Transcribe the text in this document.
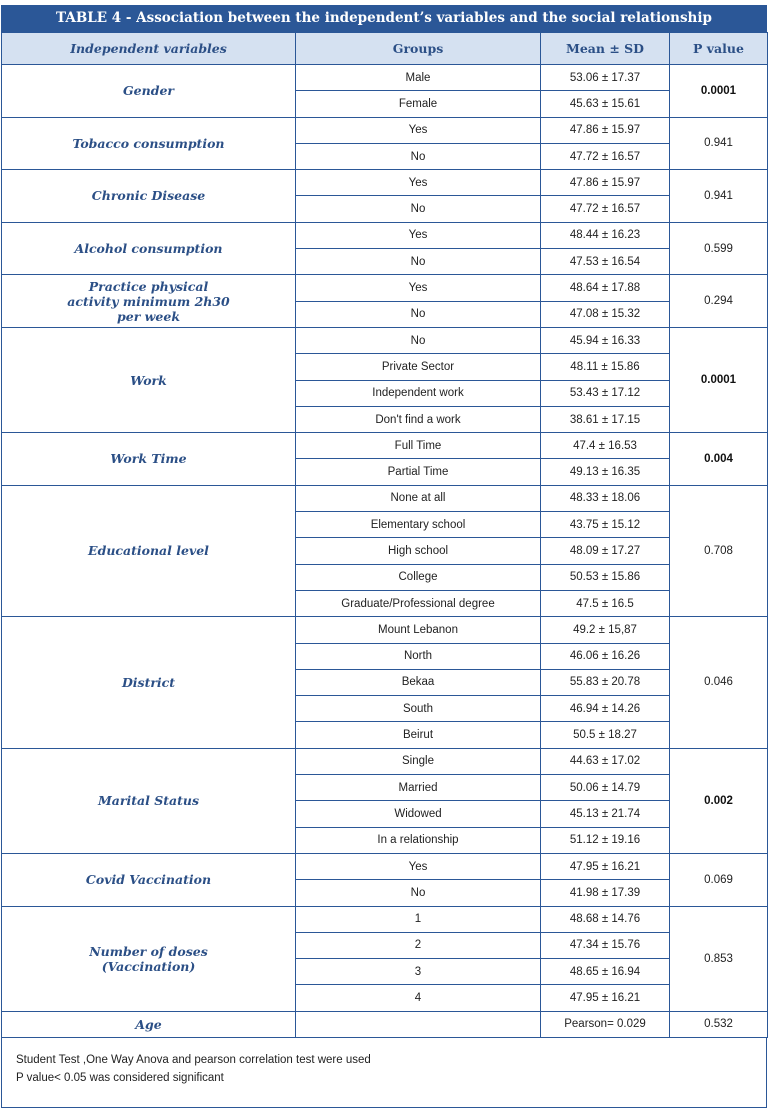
TABLE 4 - Association between the independent’s variables and the social relationship
Independent variables	Groups	Mean ± SD	P value
Gender	Male	53.06 ± 17.37	0.0001
	Female	45.63 ± 15.61	
Tobacco consumption	Yes	47.86 ± 15.97	0.941
	No	47.72 ± 16.57	
Chronic Disease	Yes	47.86 ± 15.97	0.941
	No	47.72 ± 16.57	
Alcohol consumption	Yes	48.44 ± 16.23	0.599
	No	47.53 ± 16.54	
Practice physical activity minimum 2h30 per week	Yes	48.64 ± 17.88	0.294
	No	47.08 ± 15.32	
Work	No	45.94 ± 16.33	0.0001
	Private Sector	48.11 ± 15.86	
	Independent work	53.43 ± 17.12	
	Don't find a work	38.61 ± 17.15	
Work Time	Full Time	47.4 ± 16.53	0.004
	Partial Time	49.13 ± 16.35	
Educational level	None at all	48.33 ± 18.06	0.708
	Elementary school	43.75 ± 15.12	
	High school	48.09 ± 17.27	
	College	50.53 ± 15.86	
	Graduate/Professional degree	47.5 ± 16.5	
District	Mount Lebanon	49.2 ± 15,87	0.046
	North	46.06 ± 16.26	
	Bekaa	55.83 ± 20.78	
	South	46.94 ± 14.26	
	Beirut	50.5 ± 18.27	
Marital Status	Single	44.63 ± 17.02	0.002
	Married	50.06 ± 14.79	
	Widowed	45.13 ± 21.74	
	In a relationship	51.12 ± 19.16	
Covid Vaccination	Yes	47.95 ± 16.21	0.069
	No	41.98 ± 17.39	
Number of doses (Vaccination)	1	48.68 ± 14.76	0.853
	2	47.34 ± 15.76	
	3	48.65 ± 16.94	
	4	47.95 ± 16.21	
Age		Pearson= 0.029	0.532
Student Test ,One Way Anova and pearson correlation test were used
P value< 0.05 was considered significant
